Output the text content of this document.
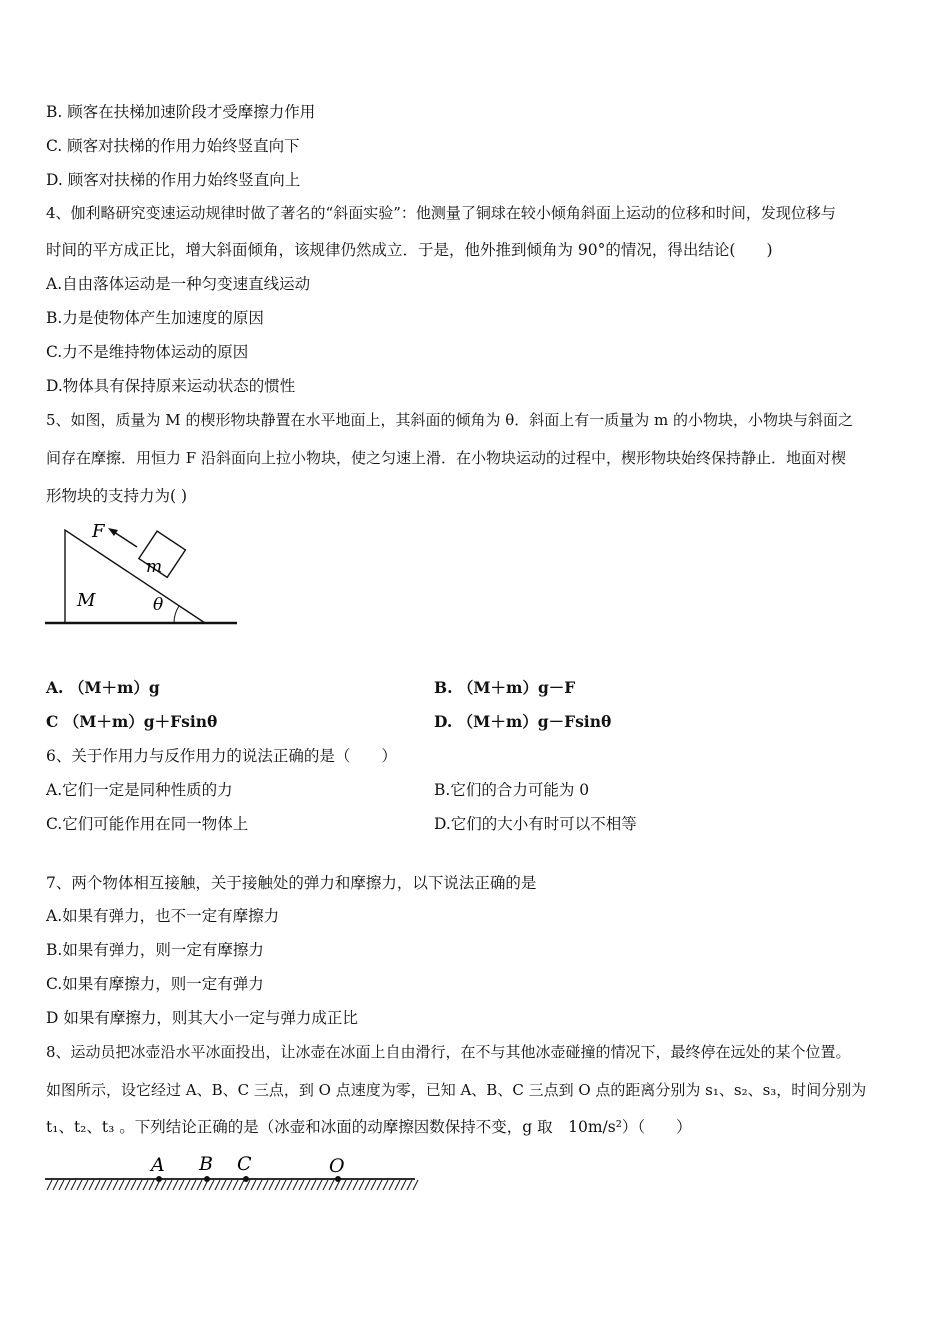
B. 顾客在扶梯加速阶段才受摩擦力作用
C. 顾客对扶梯的作用力始终竖直向下
D. 顾客对扶梯的作用力始终竖直向上
4、伽利略研究变速运动规律时做了著名的“斜面实验”：他测量了铜球在较小倾角斜面上运动的位移和时间，发现位移与
时间的平方成正比，增大斜面倾角，该规律仍然成立．于是，他外推到倾角为 90°的情况，得出结论(　　)
A.自由落体运动是一种匀变速直线运动
B.力是使物体产生加速度的原因
C.力不是维持物体运动的原因
D.物体具有保持原来运动状态的惯性
5、如图，质量为 M 的楔形物块静置在水平地面上，其斜面的倾角为 θ．斜面上有一质量为 m 的小物块，小物块与斜面之
间存在摩擦．用恒力 F 沿斜面向上拉小物块，使之匀速上滑．在小物块运动的过程中，楔形物块始终保持静止．地面对楔
形物块的支持力为( )
F
m
M	θ
A. （M＋m）g	B. （M＋m）g－F
C （M＋m）g＋Fsinθ	D. （M＋m）g－Fsinθ
6、关于作用力与反作用力的说法正确的是（　　）
A.它们一定是同种性质的力	B.它们的合力可能为 0
C.它们可能作用在同一物体上	D.它们的大小有时可以不相等
7、两个物体相互接触，关于接触处的弹力和摩擦力，以下说法正确的是
A.如果有弹力，也不一定有摩擦力
B.如果有弹力，则一定有摩擦力
C.如果有摩擦力，则一定有弹力
D 如果有摩擦力，则其大小一定与弹力成正比
8、运动员把冰壶沿水平冰面投出，让冰壶在冰面上自由滑行，在不与其他冰壶碰撞的情况下，最终停在远处的某个位置。
如图所示，设它经过 A、B、C 三点，到 O 点速度为零，已知 A、B、C 三点到 O 点的距离分别为 s₁、s₂、s₃，时间分别为
t₁、t₂、t₃ 。下列结论正确的是（冰壶和冰面的动摩擦因数保持不变，g 取　10m/s²）（　　）
A B C	O
